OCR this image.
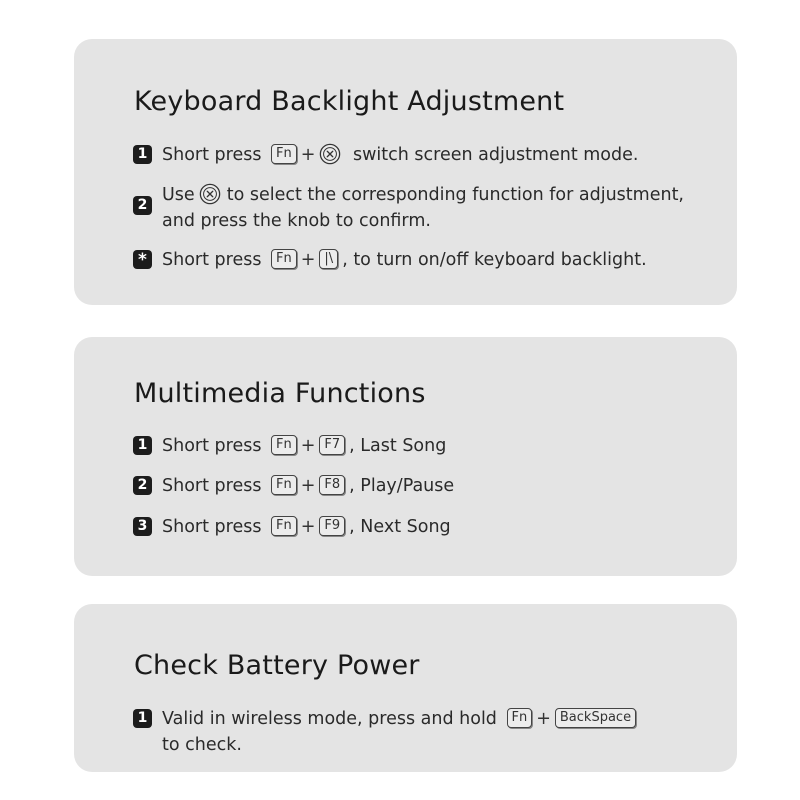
Keyboard Backlight Adjustment
1 Short press Fn + switch screen adjustment mode.
2 Use to select the corresponding function for adjustment,
and press the knob to confirm.
* Short press Fn + |\ , to turn on/off keyboard backlight.
Multimedia Functions
1 Short press Fn + F7 , Last Song
2 Short press Fn + F8 , Play/Pause
3 Short press Fn + F9 , Next Song
Check Battery Power
1 Valid in wireless mode, press and hold Fn + BackSpace
to check.
